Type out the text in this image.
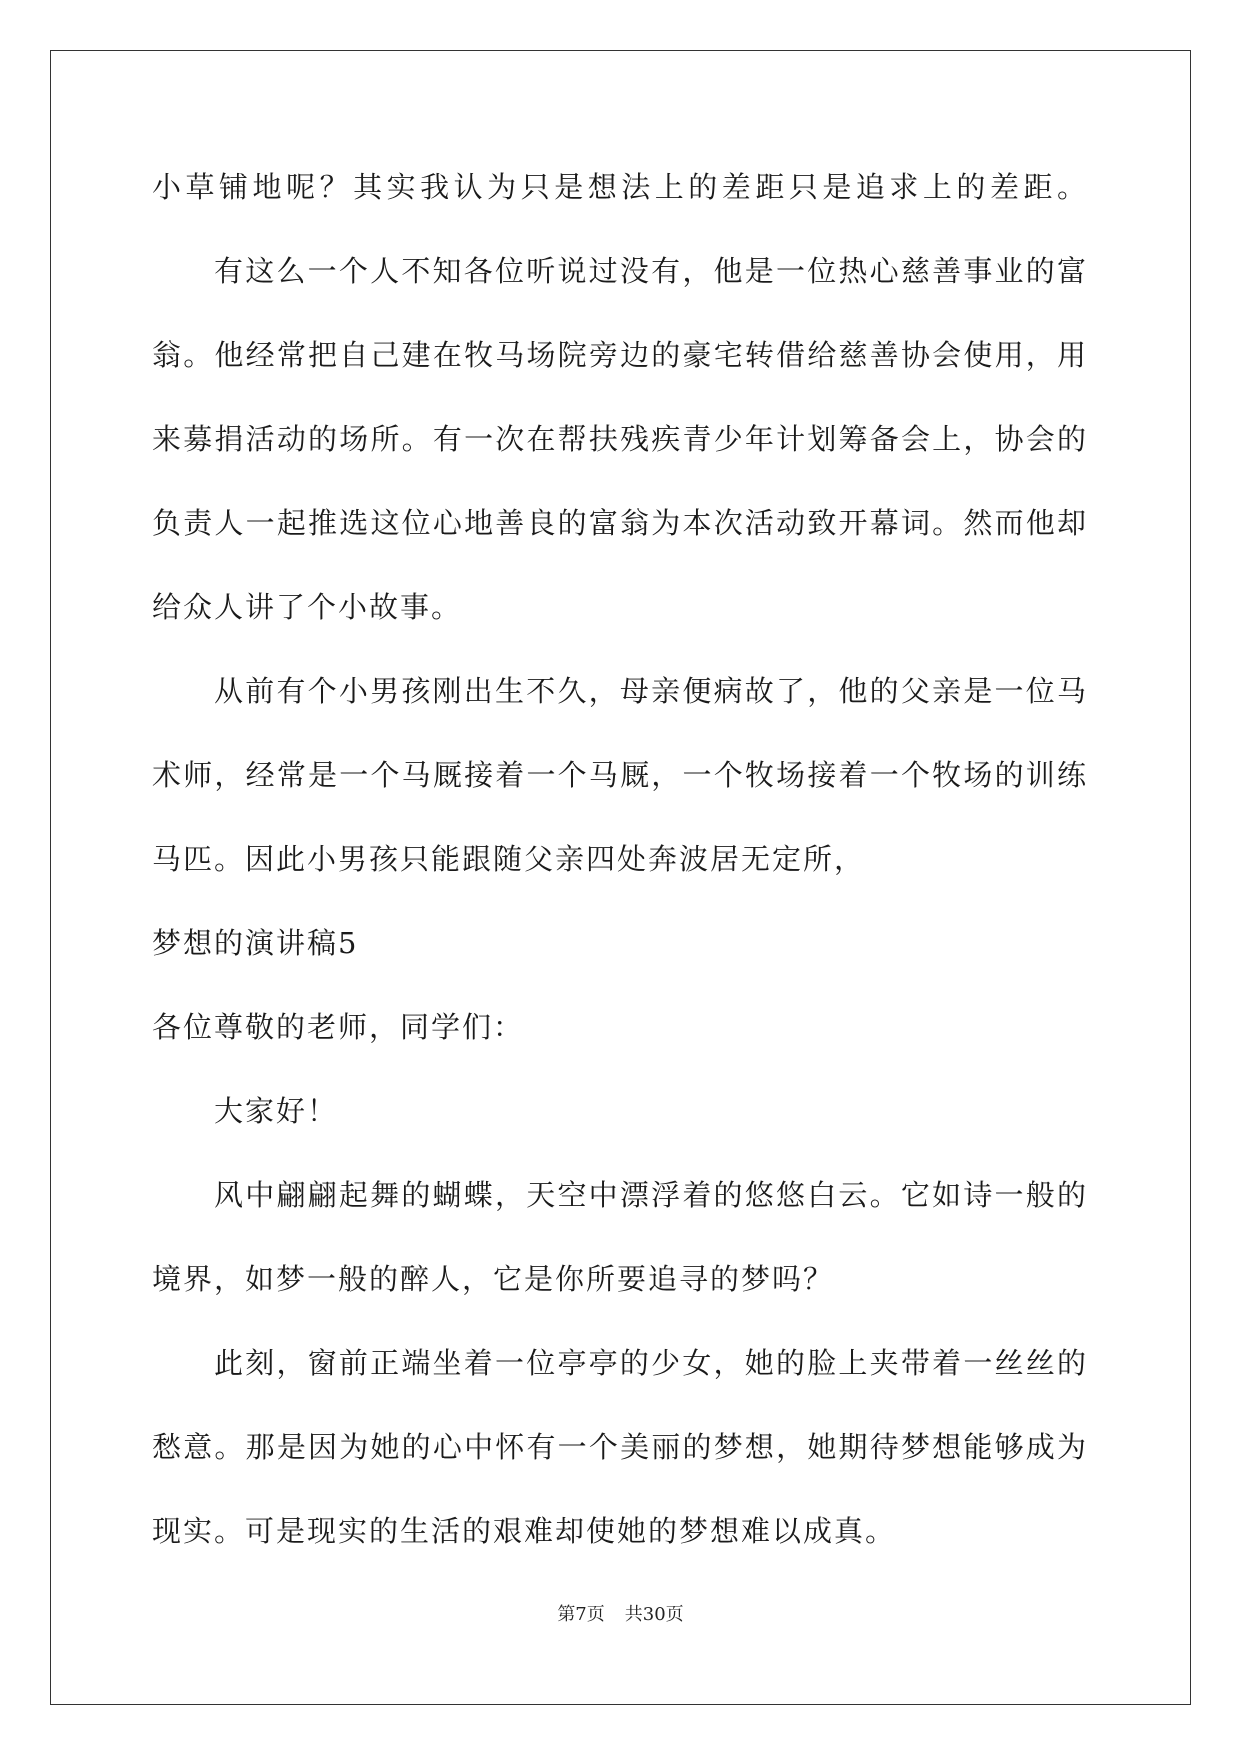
小草铺地呢？其实我认为只是想法上的差距只是追求上的差距。
有这么一个人不知各位听说过没有，他是一位热心慈善事业的富
翁。他经常把自己建在牧马场院旁边的豪宅转借给慈善协会使用，用
来募捐活动的场所。有一次在帮扶残疾青少年计划筹备会上，协会的
负责人一起推选这位心地善良的富翁为本次活动致开幕词。然而他却
给众人讲了个小故事。
从前有个小男孩刚出生不久，母亲便病故了，他的父亲是一位马
术师，经常是一个马厩接着一个马厩，一个牧场接着一个牧场的训练
马匹。因此小男孩只能跟随父亲四处奔波居无定所，
梦想的演讲稿5
各位尊敬的老师，同学们：
大家好！
风中翩翩起舞的蝴蝶，天空中漂浮着的悠悠白云。它如诗一般的
境界，如梦一般的醉人，它是你所要追寻的梦吗？
此刻，窗前正端坐着一位亭亭的少女，她的脸上夹带着一丝丝的
愁意。那是因为她的心中怀有一个美丽的梦想，她期待梦想能够成为
现实。可是现实的生活的艰难却使她的梦想难以成真。
第7页 共30页
